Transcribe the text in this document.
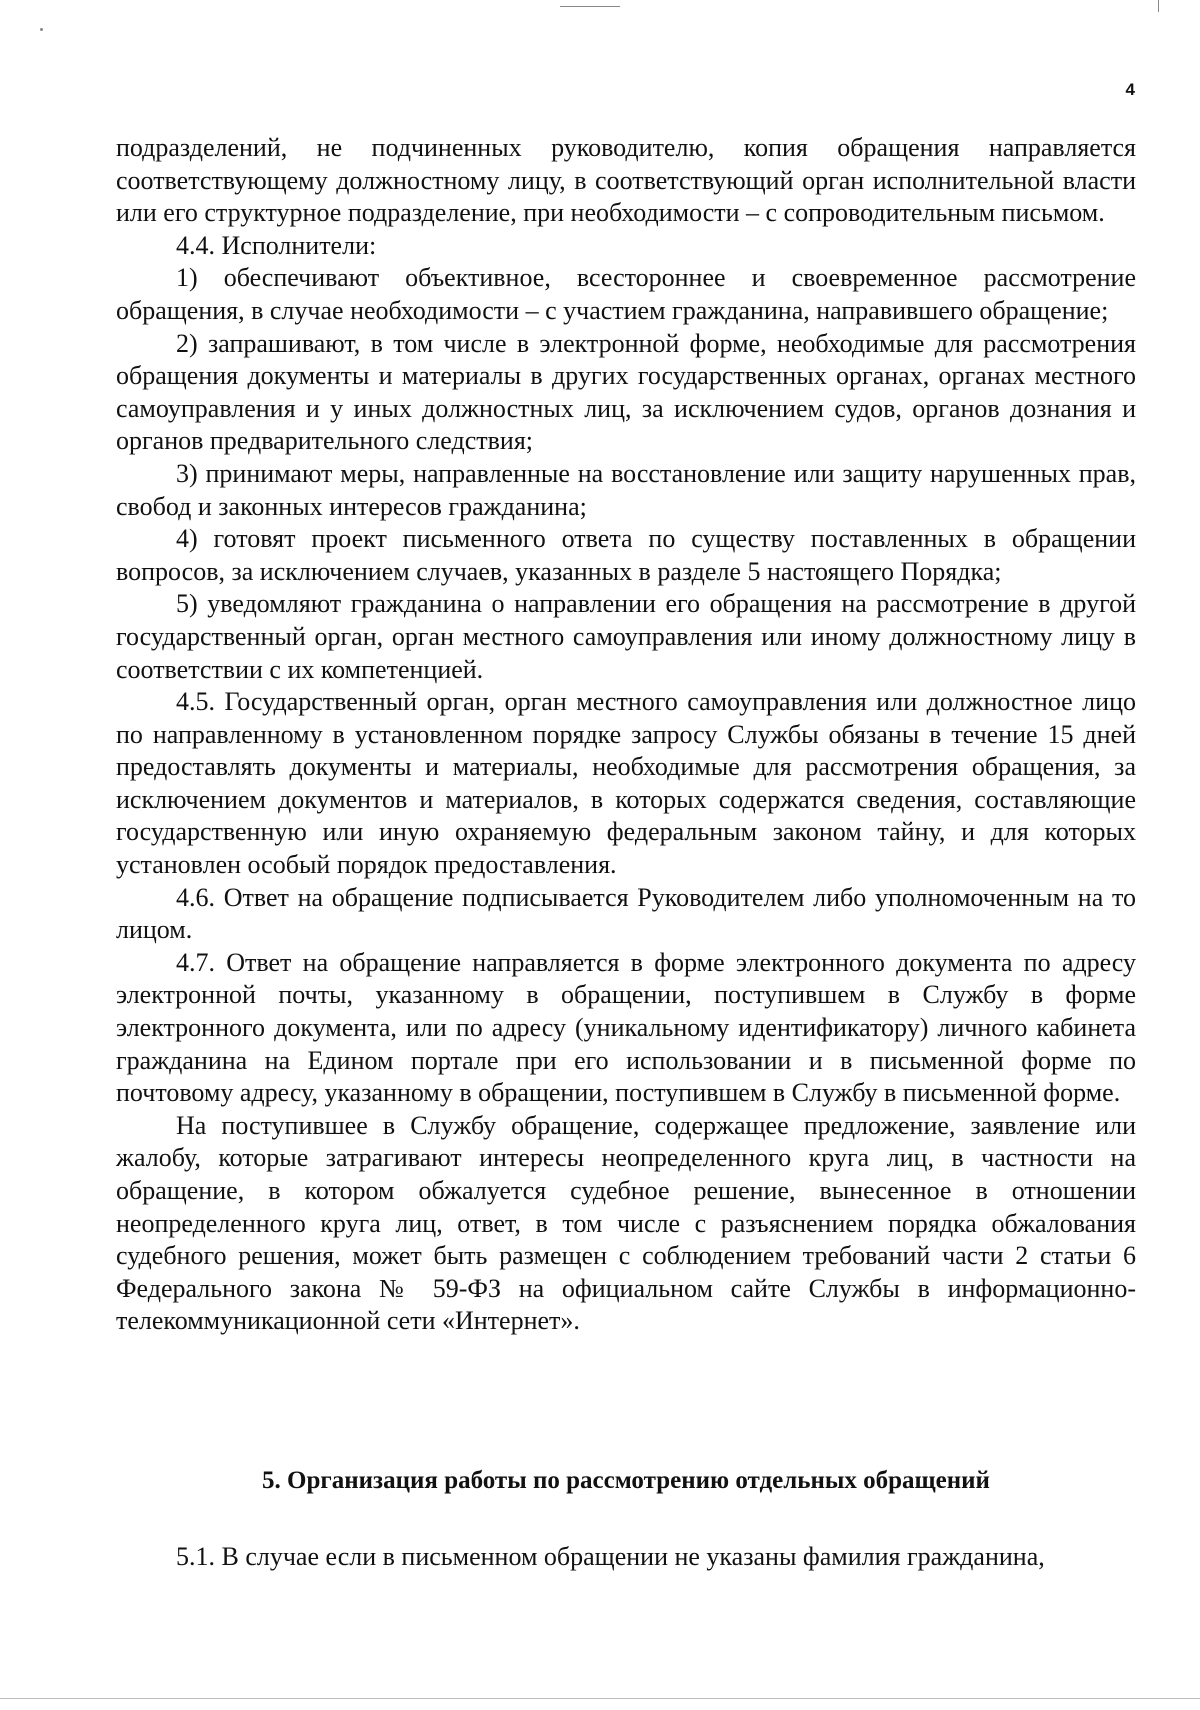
4

подразделений, не подчиненных руководителю, копия обращения направляется соответствующему должностному лицу, в соответствующий орган исполнительной власти или его структурное подразделение, при необходимости – с сопроводительным письмом.

4.4. Исполнители:

1) обеспечивают объективное, всестороннее и своевременное рассмотрение обращения, в случае необходимости – с участием гражданина, направившего обращение;

2) запрашивают, в том числе в электронной форме, необходимые для рассмотрения обращения документы и материалы в других государственных органах, органах местного самоуправления и у иных должностных лиц, за исключением судов, органов дознания и органов предварительного следствия;

3) принимают меры, направленные на восстановление или защиту нарушенных прав, свобод и законных интересов гражданина;

4) готовят проект письменного ответа по существу поставленных в обращении вопросов, за исключением случаев, указанных в разделе 5 настоящего Порядка;

5) уведомляют гражданина о направлении его обращения на рассмотрение в другой государственный орган, орган местного самоуправления или иному должностному лицу в соответствии с их компетенцией.

4.5. Государственный орган, орган местного самоуправления или должностное лицо по направленному в установленном порядке запросу Службы обязаны в течение 15 дней предоставлять документы и материалы, необходимые для рассмотрения обращения, за исключением документов и материалов, в которых содержатся сведения, составляющие государственную или иную охраняемую федеральным законом тайну, и для которых установлен особый порядок предоставления.

4.6. Ответ на обращение подписывается Руководителем либо уполномоченным на то лицом.

4.7. Ответ на обращение направляется в форме электронного документа по адресу электронной почты, указанному в обращении, поступившем в Службу в форме электронного документа, или по адресу (уникальному идентификатору) личного кабинета гражданина на Едином портале при его использовании и в письменной форме по почтовому адресу, указанному в обращении, поступившем в Службу в письменной форме.

На поступившее в Службу обращение, содержащее предложение, заявление или жалобу, которые затрагивают интересы неопределенного круга лиц, в частности на обращение, в котором обжалуется судебное решение, вынесенное в отношении неопределенного круга лиц, ответ, в том числе с разъяснением порядка обжалования судебного решения, может быть размещен с соблюдением требований части 2 статьи 6 Федерального закона № 59-ФЗ на официальном сайте Службы в информационно-телекоммуникационной сети «Интернет».

5. Организация работы по рассмотрению отдельных обращений

5.1. В случае если в письменном обращении не указаны фамилия гражданина,
